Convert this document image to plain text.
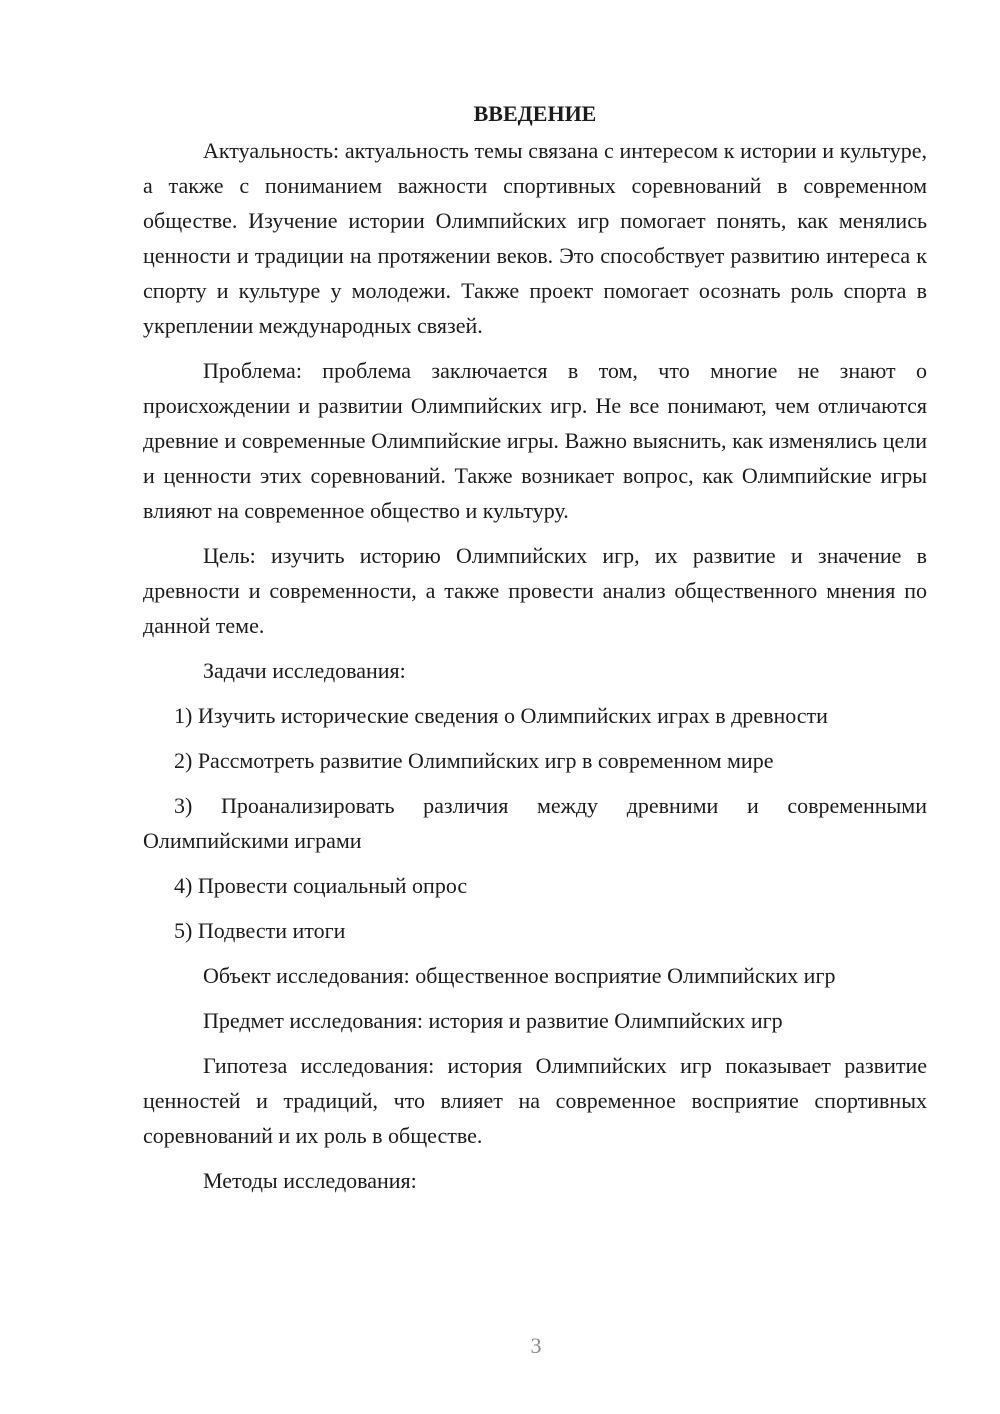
ВВЕДЕНИЕ

Актуальность: актуальность темы связана с интересом к истории и культуре, а также с пониманием важности спортивных соревнований в современном обществе. Изучение истории Олимпийских игр помогает понять, как менялись ценности и традиции на протяжении веков. Это способствует развитию интереса к спорту и культуре у молодежи. Также проект помогает осознать роль спорта в укреплении международных связей.

Проблема: проблема заключается в том, что многие не знают о происхождении и развитии Олимпийских игр. Не все понимают, чем отличаются древние и современные Олимпийские игры. Важно выяснить, как изменялись цели и ценности этих соревнований. Также возникает вопрос, как Олимпийские игры влияют на современное общество и культуру.

Цель: изучить историю Олимпийских игр, их развитие и значение в древности и современности, а также провести анализ общественного мнения по данной теме.

Задачи исследования:

1) Изучить исторические сведения о Олимпийских играх в древности

2) Рассмотреть развитие Олимпийских игр в современном мире

3) Проанализировать различия между древними и современными Олимпийскими играми

4) Провести социальный опрос

5) Подвести итоги

Объект исследования: общественное восприятие Олимпийских игр

Предмет исследования: история и развитие Олимпийских игр

Гипотеза исследования: история Олимпийских игр показывает развитие ценностей и традиций, что влияет на современное восприятие спортивных соревнований и их роль в обществе.

Методы исследования:

3
